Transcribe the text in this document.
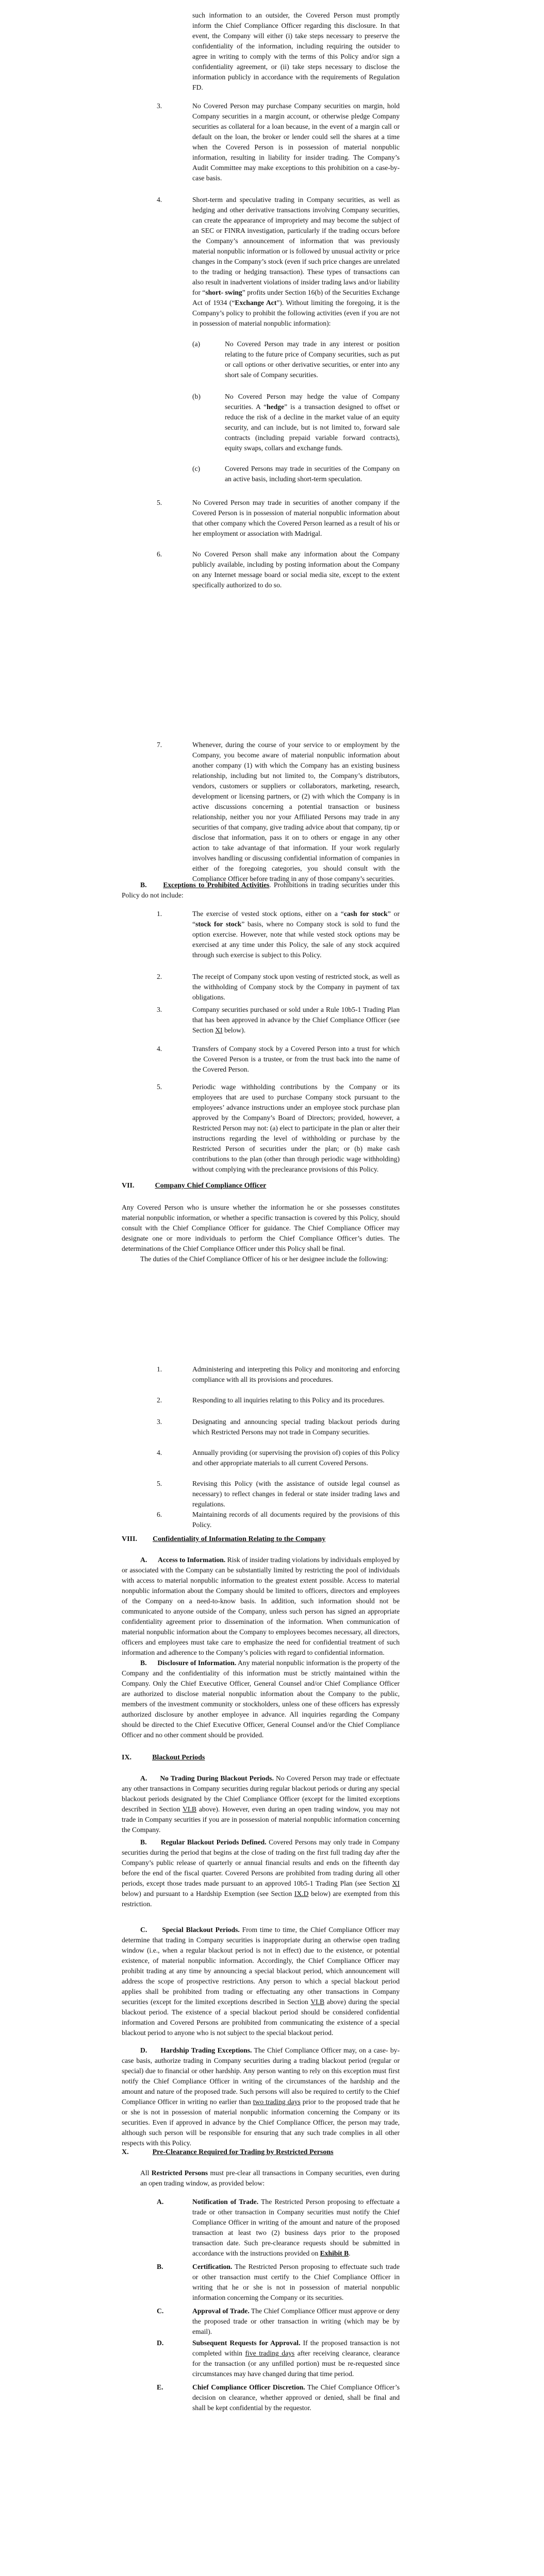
such information to an outsider, the Covered Person must promptly inform the Chief Compliance Officer regarding this disclosure. In that event, the Company will either (i) take steps necessary to preserve the confidentiality of the information, including requiring the outsider to agree in writing to comply with the terms of this Policy and/or sign a confidentiality agreement, or (ii) take steps necessary to disclose the information publicly in accordance with the requirements of Regulation FD.

3.	No Covered Person may purchase Company securities on margin, hold Company securities in a margin account, or otherwise pledge Company securities as collateral for a loan because, in the event of a margin call or default on the loan, the broker or lender could sell the shares at a time when the Covered Person is in possession of material nonpublic information, resulting in liability for insider trading. The Company’s Audit Committee may make exceptions to this prohibition on a case-by-case basis.

4.	Short-term and speculative trading in Company securities, as well as hedging and other derivative transactions involving Company securities, can create the appearance of impropriety and may become the subject of an SEC or FINRA investigation, particularly if the trading occurs before the Company’s announcement of information that was previously material nonpublic information or is followed by unusual activity or price changes in the Company’s stock (even if such price changes are unrelated to the trading or hedging transaction). These types of transactions can also result in inadvertent violations of insider trading laws and/or liability for “short- swing” profits under Section 16(b) of the Securities Exchange Act of 1934 (“Exchange Act”). Without limiting the foregoing, it is the Company’s policy to prohibit the following activities (even if you are not in possession of material nonpublic information):

(a)	No Covered Person may trade in any interest or position relating to the future price of Company securities, such as put or call options or other derivative securities, or enter into any short sale of Company securities.

(b)	No Covered Person may hedge the value of Company securities. A “hedge” is a transaction designed to offset or reduce the risk of a decline in the market value of an equity security, and can include, but is not limited to, forward sale contracts (including prepaid variable forward contracts), equity swaps, collars and exchange funds.

(c)	Covered Persons may trade in securities of the Company on an active basis, including short-term speculation.

5.	No Covered Person may trade in securities of another company if the Covered Person is in possession of material nonpublic information about that other company which the Covered Person learned as a result of his or her employment or association with Madrigal.

6.	No Covered Person shall make any information about the Company publicly available, including by posting information about the Company on any Internet message board or social media site, except to the extent specifically authorized to do so.

7.	Whenever, during the course of your service to or employment by the Company, you become aware of material nonpublic information about another company (1) with which the Company has an existing business relationship, including but not limited to, the Company’s distributors, vendors, customers or suppliers or collaborators, marketing, research, development or licensing partners, or (2) with which the Company is in active discussions concerning a potential transaction or business relationship, neither you nor your Affiliated Persons may trade in any securities of that company, give trading advice about that company, tip or disclose that information, pass it on to others or engage in any other action to take advantage of that information. If your work regularly involves handling or discussing confidential information of companies in either of the foregoing categories, you should consult with the Compliance Officer before trading in any of those company’s securities.

B. Exceptions to Prohibited Activities. Prohibitions in trading securities under this Policy do not include:

1.	The exercise of vested stock options, either on a “cash for stock” or “stock for stock” basis, where no Company stock is sold to fund the option exercise. However, note that while vested stock options may be exercised at any time under this Policy, the sale of any stock acquired through such exercise is subject to this Policy.

2.	The receipt of Company stock upon vesting of restricted stock, as well as the withholding of Company stock by the Company in payment of tax obligations.

3.	Company securities purchased or sold under a Rule 10b5-1 Trading Plan that has been approved in advance by the Chief Compliance Officer (see Section XI below).

4.	Transfers of Company stock by a Covered Person into a trust for which the Covered Person is a trustee, or from the trust back into the name of the Covered Person.

5.	Periodic wage withholding contributions by the Company or its employees that are used to purchase Company stock pursuant to the employees’ advance instructions under an employee stock purchase plan approved by the Company’s Board of Directors; provided, however, a Restricted Person may not: (a) elect to participate in the plan or alter their instructions regarding the level of withholding or purchase by the Restricted Person of securities under the plan; or (b) make cash contributions to the plan (other than through periodic wage withholding) without complying with the preclearance provisions of this Policy.

VII.	Company Chief Compliance Officer

Any Covered Person who is unsure whether the information he or she possesses constitutes material nonpublic information, or whether a specific transaction is covered by this Policy, should consult with the Chief Compliance Officer for guidance. The Chief Compliance Officer may designate one or more individuals to perform the Chief Compliance Officer’s duties. The determinations of the Chief Compliance Officer under this Policy shall be final.

The duties of the Chief Compliance Officer of his or her designee include the following:

1.	Administering and interpreting this Policy and monitoring and enforcing compliance with all its provisions and procedures.

2.	Responding to all inquiries relating to this Policy and its procedures.

3.	Designating and announcing special trading blackout periods during which Restricted Persons may not trade in Company securities.

4.	Annually providing (or supervising the provision of) copies of this Policy and other appropriate materials to all current Covered Persons.

5.	Revising this Policy (with the assistance of outside legal counsel as necessary) to reflect changes in federal or state insider trading laws and regulations.

6.	Maintaining records of all documents required by the provisions of this Policy.

VIII. Confidentiality of Information Relating to the Company

A. Access to Information. Risk of insider trading violations by individuals employed by or associated with the Company can be substantially limited by restricting the pool of individuals with access to material nonpublic information to the greatest extent possible. Access to material nonpublic information about the Company should be limited to officers, directors and employees of the Company on a need-to-know basis. In addition, such information should not be communicated to anyone outside of the Company, unless such person has signed an appropriate confidentiality agreement prior to dissemination of the information. When communication of material nonpublic information about the Company to employees becomes necessary, all directors, officers and employees must take care to emphasize the need for confidential treatment of such information and adherence to the Company’s policies with regard to confidential information.

B. Disclosure of Information. Any material nonpublic information is the property of the Company and the confidentiality of this information must be strictly maintained within the Company. Only the Chief Executive Officer, General Counsel and/or Chief Compliance Officer are authorized to disclose material nonpublic information about the Company to the public, members of the investment community or stockholders, unless one of these officers has expressly authorized disclosure by another employee in advance. All inquiries regarding the Company should be directed to the Chief Executive Officer, General Counsel and/or the Chief Compliance Officer and no other comment should be provided.

IX.	Blackout Periods

A. No Trading During Blackout Periods. No Covered Person may trade or effectuate any other transactions in Company securities during regular blackout periods or during any special blackout periods designated by the Chief Compliance Officer (except for the limited exceptions described in Section VI.B above). However, even during an open trading window, you may not trade in Company securities if you are in possession of material nonpublic information concerning the Company.

B. Regular Blackout Periods Defined. Covered Persons may only trade in Company securities during the period that begins at the close of trading on the first full trading day after the Company’s public release of quarterly or annual financial results and ends on the fifteenth day before the end of the fiscal quarter. Covered Persons are prohibited from trading during all other periods, except those trades made pursuant to an approved 10b5-1 Trading Plan (see Section XI below) and pursuant to a Hardship Exemption (see Section IX.D below) are exempted from this restriction.

C. Special Blackout Periods. From time to time, the Chief Compliance Officer may determine that trading in Company securities is inappropriate during an otherwise open trading window (i.e., when a regular blackout period is not in effect) due to the existence, or potential existence, of material nonpublic information. Accordingly, the Chief Compliance Officer may prohibit trading at any time by announcing a special blackout period, which announcement will address the scope of prospective restrictions. Any person to which a special blackout period applies shall be prohibited from trading or effectuating any other transactions in Company securities (except for the limited exceptions described in Section VI.B above) during the special blackout period. The existence of a special blackout period should be considered confidential information and Covered Persons are prohibited from communicating the existence of a special blackout period to anyone who is not subject to the special blackout period.

D. Hardship Trading Exceptions. The Chief Compliance Officer may, on a case- by-case basis, authorize trading in Company securities during a trading blackout period (regular or special) due to financial or other hardship. Any person wanting to rely on this exception must first notify the Chief Compliance Officer in writing of the circumstances of the hardship and the amount and nature of the proposed trade. Such persons will also be required to certify to the Chief Compliance Officer in writing no earlier than two trading days prior to the proposed trade that he or she is not in possession of material nonpublic information concerning the Company or its securities. Even if approved in advance by the Chief Compliance Officer, the person may trade, although such person will be responsible for ensuring that any such trade complies in all other respects with this Policy.

X.	Pre-Clearance Required for Trading by Restricted Persons

All Restricted Persons must pre-clear all transactions in Company securities, even during an open trading window, as provided below:

A.	Notification of Trade. The Restricted Person proposing to effectuate a trade or other transaction in Company securities must notify the Chief Compliance Officer in writing of the amount and nature of the proposed transaction at least two (2) business days prior to the proposed transaction date. Such pre-clearance requests should be submitted in accordance with the instructions provided on Exhibit B.

B.	Certification. The Restricted Person proposing to effectuate such trade or other transaction must certify to the Chief Compliance Officer in writing that he or she is not in possession of material nonpublic information concerning the Company or its securities.

C.	Approval of Trade. The Chief Compliance Officer must approve or deny the proposed trade or other transaction in writing (which may be by email).

D.	Subsequent Requests for Approval. If the proposed transaction is not completed within five trading days after receiving clearance, clearance for the transaction (or any unfilled portion) must be re-requested since circumstances may have changed during that time period.

E.	Chief Compliance Officer Discretion. The Chief Compliance Officer’s decision on clearance, whether approved or denied, shall be final and shall be kept confidential by the requestor.
